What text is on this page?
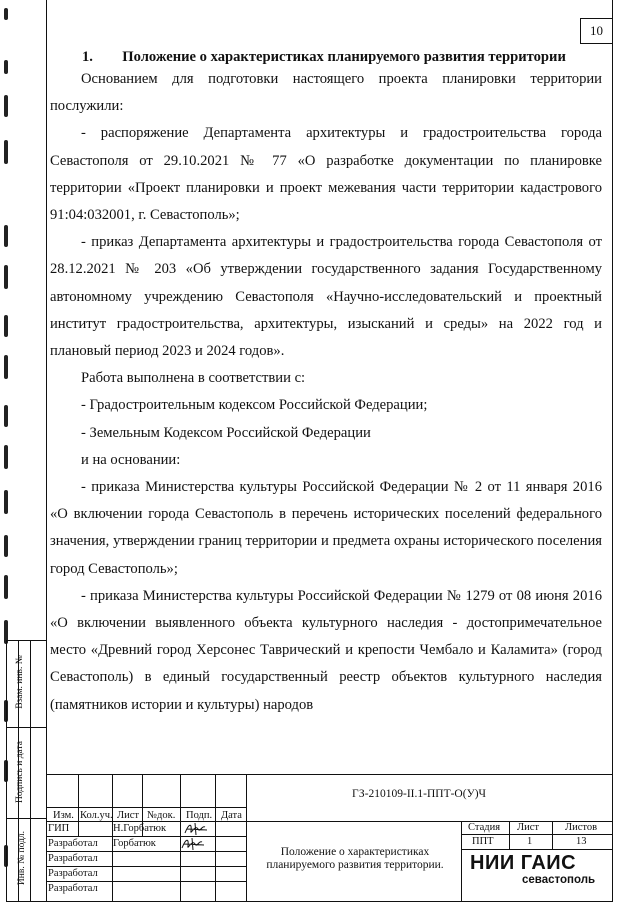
10
1. Положение о характеристиках планируемого развития территории

Основанием для подготовки настоящего проекта планировки территории послужили:

- распоряжение Департамента архитектуры и градостроительства города Севастополя от 29.10.2021 № 77 «О разработке документации по планировке территории «Проект планировки и проект межевания части территории кадастрового 91:04:032001, г. Севастополь»;

- приказ Департамента архитектуры и градостроительства города Севастополя от 28.12.2021 № 203 «Об утверждении государственного задания Государственному автономному учреждению Севастополя «Научно-исследовательский и проектный институт градостроительства, архитектуры, изысканий и среды» на 2022 год и плановый период 2023 и 2024 годов».

Работа выполнена в соответствии с:

- Градостроительным кодексом Российской Федерации;

- Земельным Кодексом Российской Федерации

и на основании:

- приказа Министерства культуры Российской Федерации № 2 от 11 января 2016 «О включении города Севастополь в перечень исторических поселений федерального значения, утверждении границ территории и предмета охраны исторического поселения город Севастополь»;

- приказа Министерства культуры Российской Федерации № 1279 от 08 июня 2016 «О включении выявленного объекта культурного наследия - достопримечательное место «Древний город Херсонес Таврический и крепости Чембало и Каламита» (город Севастополь) в единый государственный реестр объектов культурного наследия (памятников истории и культуры) народов

Взам. инв. №
Подпись и дата
Инв. № подл.
ГЗ-210109-II.1-ППТ-О(У)Ч
Изм. Кол.уч. Лист №док. Подп. Дата
ГИП	Н.Горбатюк
Разработал Горбатюк
Разработал
Разработал
Разработал
Положение о характеристиках планируемого развития территории.
Стадия Лист Листов
ППТ	1	13
НИИ ГАИС
севастополь
